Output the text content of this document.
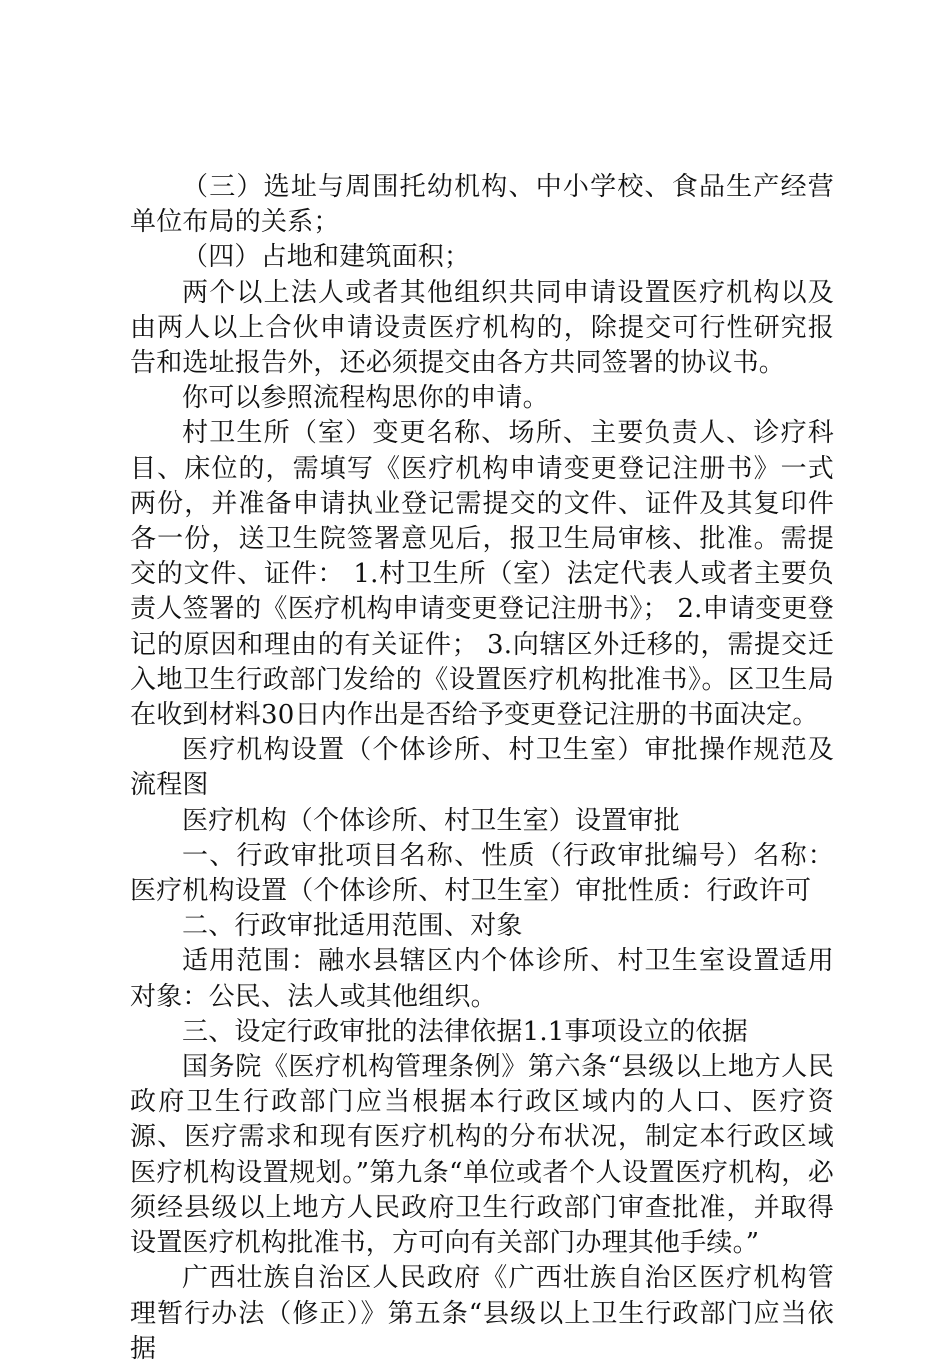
（三）选址与周围托幼机构、中小学校、食品生产经营单位布局的关系；

（四）占地和建筑面积；

两个以上法人或者其他组织共同申请设置医疗机构以及由两人以上合伙申请设责医疗机构的，除提交可行性研究报告和选址报告外，还必须提交由各方共同签署的协议书。

你可以参照流程构思你的申请。

村卫生所（室）变更名称、场所、主要负责人、诊疗科目、床位的，需填写《医疗机构申请变更登记注册书》一式两份，并准备申请执业登记需提交的文件、证件及其复印件各一份，送卫生院签署意见后，报卫生局审核、批准。需提交的文件、证件： 1.村卫生所（室）法定代表人或者主要负责人签署的《医疗机构申请变更登记注册书》； 2.申请变更登记的原因和理由的有关证件； 3.向辖区外迁移的，需提交迁入地卫生行政部门发给的《设置医疗机构批准书》。区卫生局在收到材料30日内作出是否给予变更登记注册的书面决定。

医疗机构设置（个体诊所、村卫生室）审批操作规范及流程图

医疗机构（个体诊所、村卫生室）设置审批

一、行政审批项目名称、性质（行政审批编号）名称：医疗机构设置（个体诊所、村卫生室）审批性质：行政许可

二、行政审批适用范围、对象

适用范围：融水县辖区内个体诊所、村卫生室设置适用对象：公民、法人或其他组织。

三、设定行政审批的法律依据1.1事项设立的依据

国务院《医疗机构管理条例》第六条“县级以上地方人民政府卫生行政部门应当根据本行政区域内的人口、医疗资源、医疗需求和现有医疗机构的分布状况，制定本行政区域医疗机构设置规划。”第九条“单位或者个人设置医疗机构，必须经县级以上地方人民政府卫生行政部门审查批准，并取得设置医疗机构批准书，方可向有关部门办理其他手续。”

广西壮族自治区人民政府《广西壮族自治区医疗机构管理暂行办法（修正）》第五条“县级以上卫生行政部门应当依据
